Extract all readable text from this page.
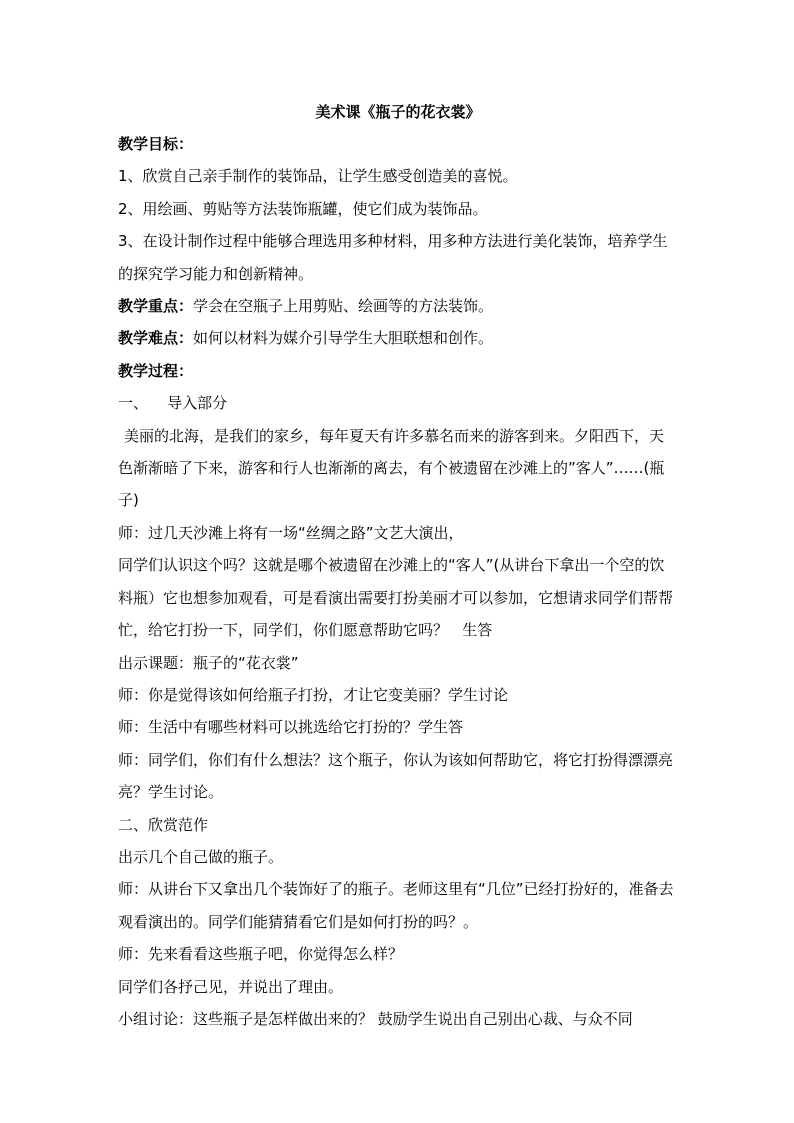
美术课《瓶子的花衣裳》

教学目标：

1、欣赏自己亲手制作的装饰品，让学生感受创造美的喜悦。

2、用绘画、剪贴等方法装饰瓶罐，使它们成为装饰品。

3、在设计制作过程中能够合理选用多种材料，用多种方法进行美化装饰，培养学生的探究学习能力和创新精神。

教学重点：学会在空瓶子上用剪贴、绘画等的方法装饰。

教学难点：如何以材料为媒介引导学生大胆联想和创作。

教学过程：

一、    导入部分

美丽的北海，是我们的家乡，每年夏天有许多慕名而来的游客到来。夕阳西下，天色渐渐暗了下来，游客和行人也渐渐的离去，有个被遗留在沙滩上的”客人”……(瓶子)

师：过几天沙滩上将有一场“丝绸之路”文艺大演出，

同学们认识这个吗？这就是哪个被遗留在沙滩上的“客人”(从讲台下拿出一个空的饮料瓶）它也想参加观看，可是看演出需要打扮美丽才可以参加，它想请求同学们帮帮忙，给它打扮一下，同学们，你们愿意帮助它吗？   生答

出示课题：瓶子的“花衣裳”

师：你是觉得该如何给瓶子打扮，才让它变美丽？学生讨论

师：生活中有哪些材料可以挑选给它打扮的？学生答

师：同学们，你们有什么想法？这个瓶子，你认为该如何帮助它，将它打扮得漂漂亮亮？学生讨论。

二、欣赏范作

出示几个自己做的瓶子。

师：从讲台下又拿出几个装饰好了的瓶子。老师这里有“几位”已经打扮好的，准备去观看演出的。同学们能猜猜看它们是如何打扮的吗？。

师：先来看看这些瓶子吧，你觉得怎么样？

同学们各抒己见，并说出了理由。

小组讨论：这些瓶子是怎样做出来的？ 鼓励学生说出自己别出心裁、与众不同
